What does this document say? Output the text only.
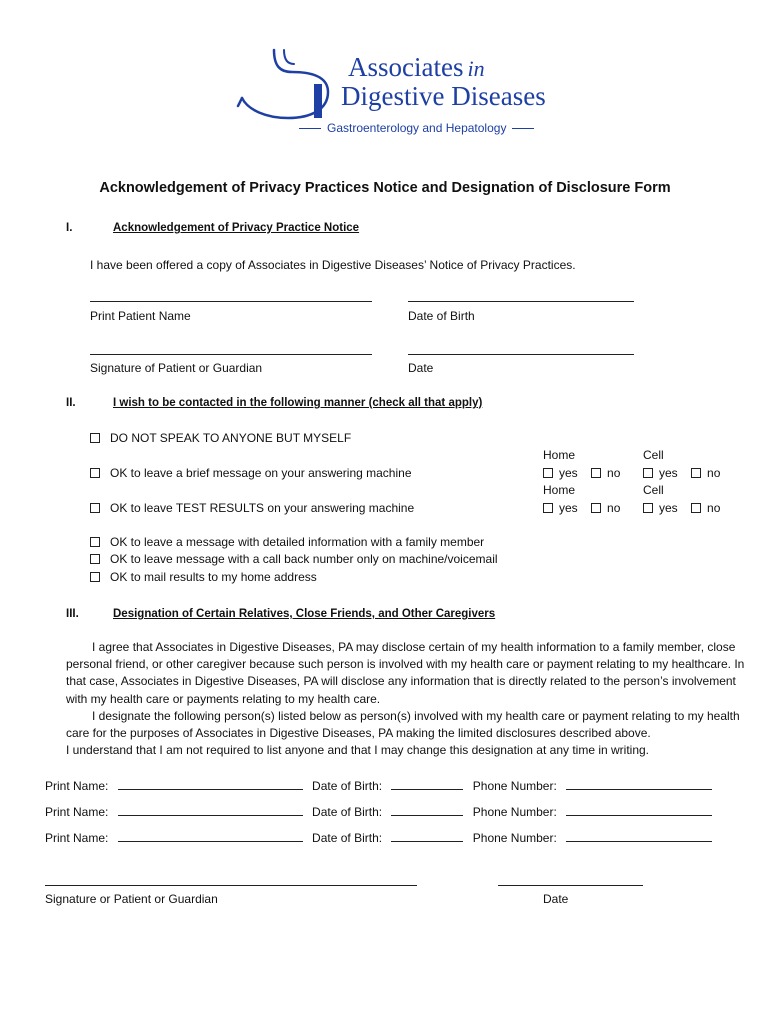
Associates in
Digestive Diseases
Gastroenterology and Hepatology
Acknowledgement of Privacy Practices Notice and Designation of Disclosure Form
I.	Acknowledgement of Privacy Practice Notice
I have been offered a copy of Associates in Digestive Diseases’ Notice of Privacy Practices.
Print Patient Name	Date of Birth
Signature of Patient or Guardian	Date
II.	I wish to be contacted in the following manner (check all that apply)
DO NOT SPEAK TO ANYONE BUT MYSELF
Home	Cell
OK to leave a brief message on your answering machine	yes no	yes no
Home	Cell
OK to leave TEST RESULTS on your answering machine	yes no	yes no
OK to leave a message with detailed information with a family member
OK to leave message with a call back number only on machine/voicemail
OK to mail results to my home address
III.	Designation of Certain Relatives, Close Friends, and Other Caregivers

I agree that Associates in Digestive Diseases, PA may disclose certain of my health information to a family member, close personal friend, or other caregiver because such person is involved with my health care or payment relating to my healthcare. In that case, Associates in Digestive Diseases, PA will disclose any information that is directly related to the person’s involvement with my health care or payments relating to my health care.

I designate the following person(s) listed below as person(s) involved with my health care or payment relating to my health care for the purposes of Associates in Digestive Diseases, PA making the limited disclosures described above.

I understand that I am not required to list anyone and that I may change this designation at any time in writing.

Print Name:	Date of Birth:	Phone Number:
Print Name:	Date of Birth:	Phone Number:
Print Name:	Date of Birth:	Phone Number:
Signature or Patient or Guardian	Date
